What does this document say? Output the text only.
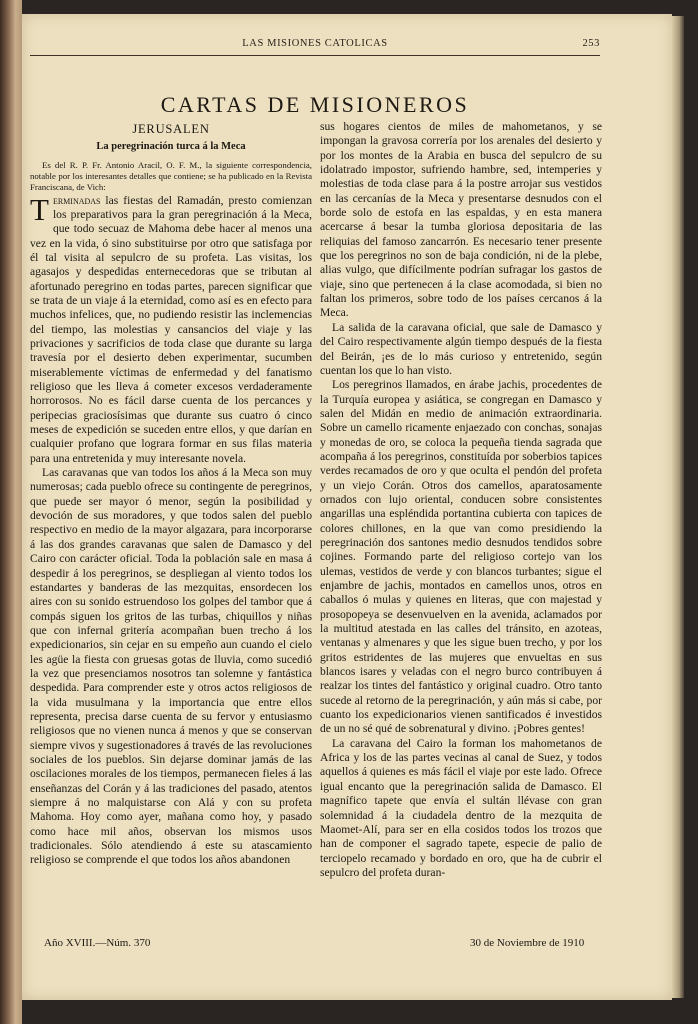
LAS MISIONES CATOLICAS	253
CARTAS DE MISIONEROS
JERUSALEN
La peregrinación turca á la Meca

Es del R. P. Fr. Antonio Aracil, O. F. M., la siguiente correspondencia, notable por los interesantes detalles que contiene; se ha publicado en la Revista Franciscana, de Vich:

Terminadas las fiestas del Ramadán, presto comienzan los preparativos para la gran peregrinación á la Meca, que todo secuaz de Mahoma debe hacer al menos una vez en la vida, ó sino substituirse por otro que satisfaga por él tal visita al sepulcro de su profeta. Las visitas, los agasajos y despedidas enternecedoras que se tributan al afortunado peregrino en todas partes, parecen significar que se trata de un viaje á la eternidad, como así es en efecto para muchos infelices, que, no pudiendo resistir las inclemencias del tiempo, las molestias y cansancios del viaje y las privaciones y sacrificios de toda clase que durante su larga travesía por el desierto deben experimentar, sucumben miserablemente víctimas de enfermedad y del fanatismo religioso que les lleva á cometer excesos verdaderamente horrorosos. No es fácil darse cuenta de los percances y peripecias graciosísimas que durante sus cuatro ó cinco meses de expedición se suceden entre ellos, y que darían en cualquier profano que lograra formar en sus filas materia para una entretenida y muy interesante novela.

Las caravanas que van todos los años á la Meca son muy numerosas; cada pueblo ofrece su contingente de peregrinos, que puede ser mayor ó menor, según la posibilidad y devoción de sus moradores, y que todos salen del pueblo respectivo en medio de la mayor algazara, para incorporarse á las dos grandes caravanas que salen de Damasco y del Cairo con carácter oficial. Toda la población sale en masa á despedir á los peregrinos, se despliegan al viento todos los estandartes y banderas de las mezquitas, ensordecen los aires con su sonido estruendoso los golpes del tambor que á compás siguen los gritos de las turbas, chiquillos y niñas que con infernal gritería acompañan buen trecho á los expedicionarios, sin cejar en su empeño aun cuando el cielo les agüe la fiesta con gruesas gotas de lluvia, como sucedió la vez que presenciamos nosotros tan solemne y fantástica despedida. Para comprender este y otros actos religiosos de la vida musulmana y la importancia que entre ellos representa, precisa darse cuenta de su fervor y entusiasmo religiosos que no vienen nunca á menos y que se conservan siempre vivos y sugestionadores á través de las revoluciones sociales de los pueblos. Sin dejarse dominar jamás de las oscilaciones morales de los tiempos, permanecen fieles á las enseñanzas del Corán y á las tradiciones del pasado, atentos siempre á no malquistarse con Alá y con su profeta Mahoma. Hoy como ayer, mañana como hoy, y pasado como hace mil años, observan los mismos usos tradicionales. Sólo atendiendo á este su atascamiento religioso se comprende el que todos los años abandonen

sus hogares cientos de miles de mahometanos, y se impongan la gravosa correría por los arenales del desierto y por los montes de la Arabia en busca del sepulcro de su idolatrado impostor, sufriendo hambre, sed, intemperies y molestias de toda clase para á la postre arrojar sus vestidos en las cercanías de la Meca y presentarse desnudos con el borde solo de estofa en las espaldas, y en esta manera acercarse á besar la tumba gloriosa depositaria de las reliquias del famoso zancarrón. Es necesario tener presente que los peregrinos no son de baja condición, ni de la plebe, alias vulgo, que difícilmente podrían sufragar los gastos de viaje, sino que pertenecen á la clase acomodada, si bien no faltan los primeros, sobre todo de los países cercanos á la Meca.

La salida de la caravana oficial, que sale de Damasco y del Cairo respectivamente algún tiempo después de la fiesta del Beirán, ¡es de lo más curioso y entretenido, según cuentan los que lo han visto.

Los peregrinos llamados, en árabe jachis, procedentes de la Turquía europea y asiática, se congregan en Damasco y salen del Midán en medio de animación extraordinaria. Sobre un camello ricamente enjaezado con conchas, sonajas y monedas de oro, se coloca la pequeña tienda sagrada que acompaña á los peregrinos, constituída por soberbios tapices verdes recamados de oro y que oculta el pendón del profeta y un viejo Corán. Otros dos camellos, aparatosamente ornados con lujo oriental, conducen sobre consistentes angarillas una espléndida portantina cubierta con tapices de colores chillones, en la que van como presidiendo la peregrinación dos santones medio desnudos tendidos sobre cojines. Formando parte del religioso cortejo van los ulemas, vestidos de verde y con blancos turbantes; sigue el enjambre de jachis, montados en camellos unos, otros en caballos ó mulas y quienes en literas, que con majestad y prosopopeya se desenvuelven en la avenida, aclamados por la multitud atestada en las calles del tránsito, en azoteas, ventanas y almenares y que les sigue buen trecho, y por los gritos estridentes de las mujeres que envueltas en sus blancos isares y veladas con el negro burco contribuyen á realzar los tintes del fantástico y original cuadro. Otro tanto sucede al retorno de la peregrinación, y aún más si cabe, por cuanto los expedicionarios vienen santificados é investidos de un no sé qué de sobrenatural y divino. ¡Pobres gentes!

La caravana del Cairo la forman los mahometanos de Africa y los de las partes vecinas al canal de Suez, y todos aquellos á quienes es más fácil el viaje por este lado. Ofrece igual encanto que la peregrinación salida de Damasco. El magnífico tapete que envía el sultán llévase con gran solemnidad á la ciudadela dentro de la mezquita de Maomet-Alí, para ser en ella cosidos todos los trozos que han de componer el sagrado tapete, especie de palio de terciopelo recamado y bordado en oro, que ha de cubrir el sepulcro del profeta duran-

Año XVIII.—Núm. 370	30 de Noviembre de 1910
